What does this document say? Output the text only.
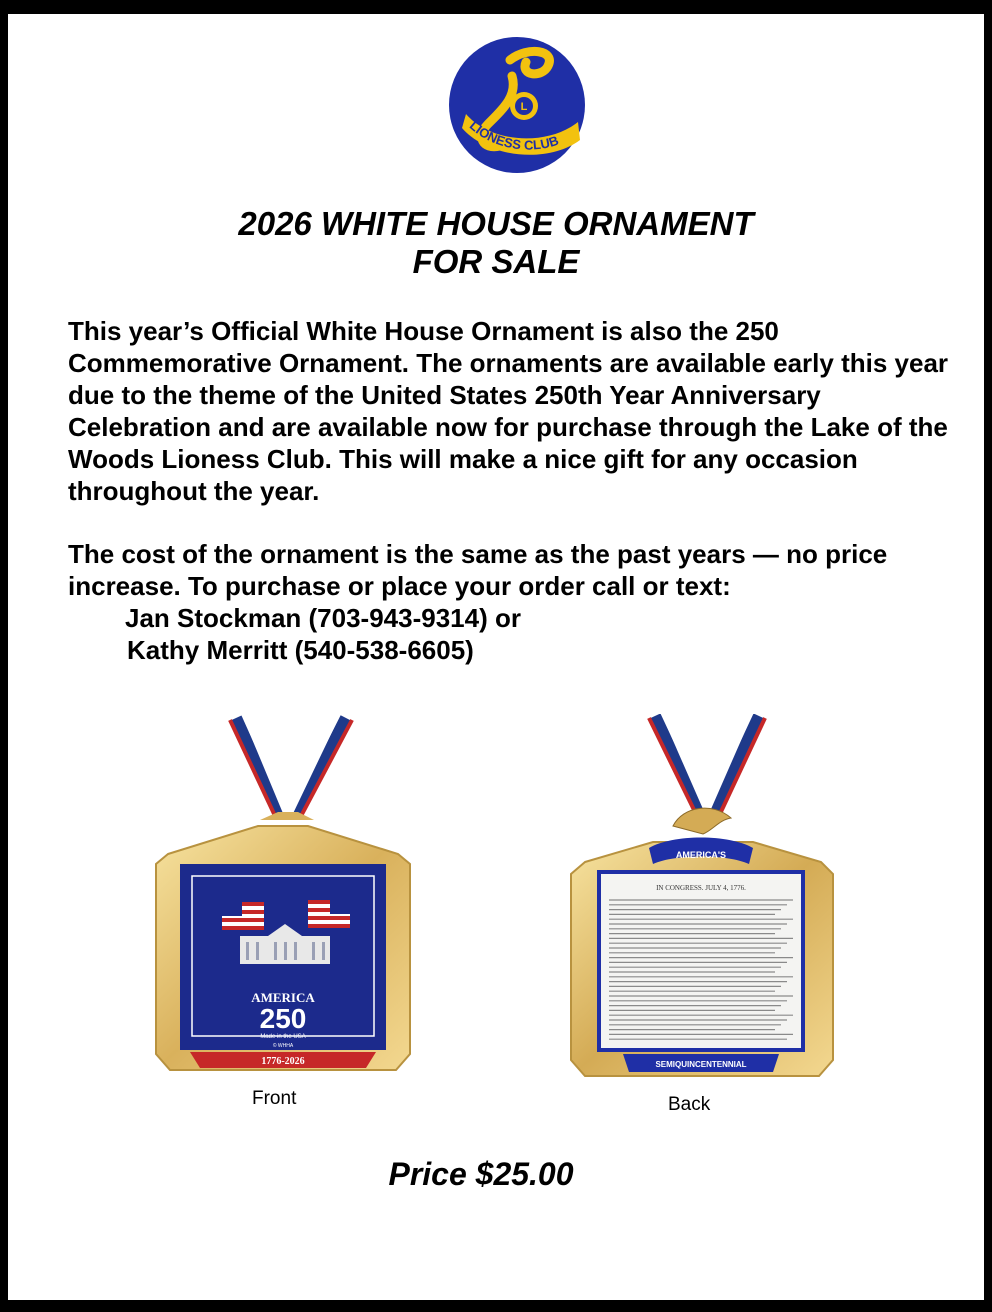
L
LIONESS CLUB
2026 WHITE HOUSE ORNAMENT
FOR SALE

This year’s Official White House Ornament is also the 250 Commemorative Ornament. The ornaments are available early this year due to the theme of the United States 250th Year Anniversary Celebration and are available now for purchase through the Lake of the Woods Lioness Club. This will make a nice gift for any occasion throughout the year.

The cost of the ornament is the same as the past years — no price increase. To purchase or place your order call or text:

Jan Stockman (703-943-9314) or
Kathy Merritt (540-538-6605)
AMERICA
250
Made in the USA
© WHHA
1776-2026
Front
AMERICA'S
IN CONGRESS. JULY 4, 1776.
SEMIQUINCENTENNIAL
Back
Price $25.00
